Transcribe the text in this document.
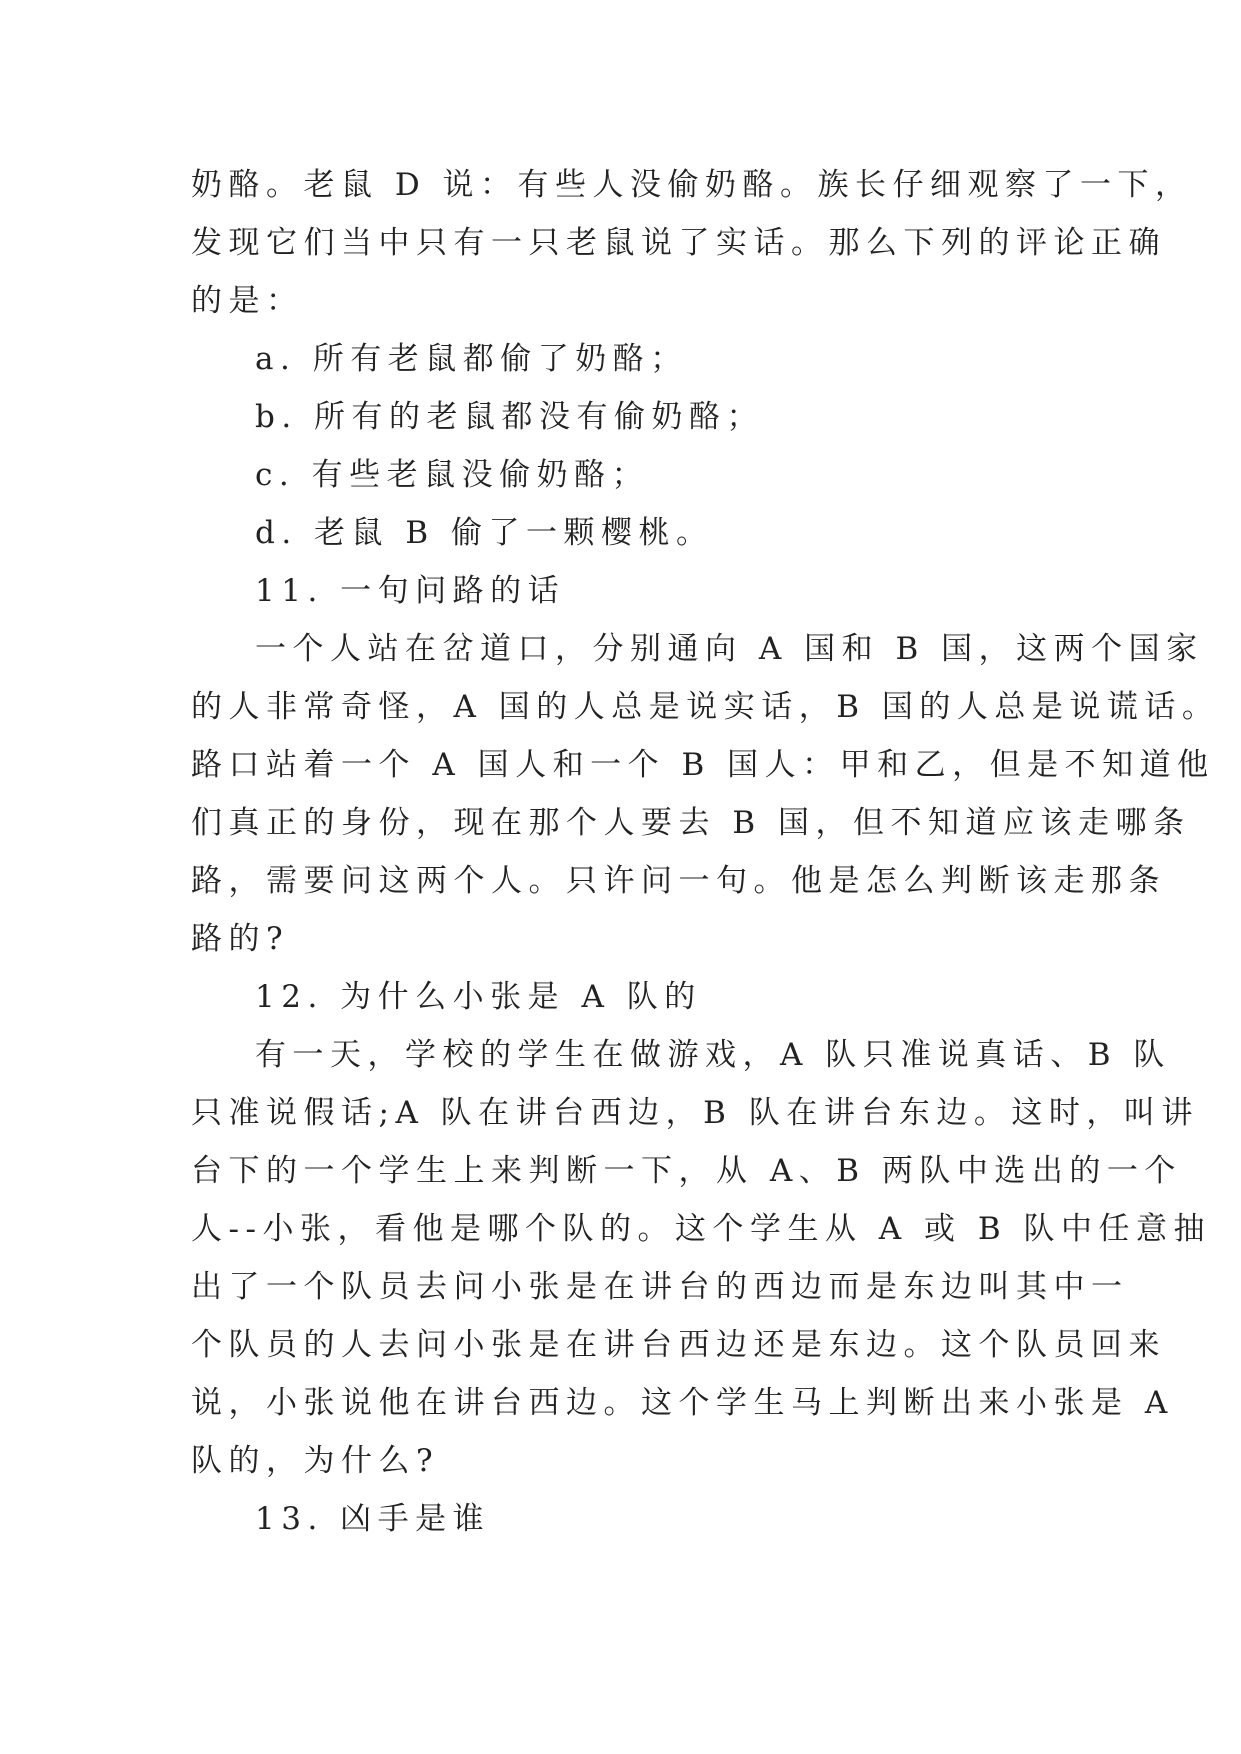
奶酪。老鼠 D 说：有些人没偷奶酪。族长仔细观察了一下，
发现它们当中只有一只老鼠说了实话。那么下列的评论正确
的是：
a. 所有老鼠都偷了奶酪；
b. 所有的老鼠都没有偷奶酪；
c. 有些老鼠没偷奶酪；
d. 老鼠 B 偷了一颗樱桃。
11. 一句问路的话
一个人站在岔道口，分别通向 A 国和 B 国，这两个国家
的人非常奇怪，A 国的人总是说实话，B 国的人总是说谎话。
路口站着一个 A 国人和一个 B 国人：甲和乙，但是不知道他
们真正的身份，现在那个人要去 B 国，但不知道应该走哪条
路，需要问这两个人。只许问一句。他是怎么判断该走那条
路的?
12. 为什么小张是 A 队的
有一天，学校的学生在做游戏，A 队只准说真话、B 队
只准说假话;A 队在讲台西边，B 队在讲台东边。这时，叫讲
台下的一个学生上来判断一下，从 A、B 两队中选出的一个
人--小张，看他是哪个队的。这个学生从 A 或 B 队中任意抽
出了一个队员去问小张是在讲台的西边而是东边叫其中一
个队员的人去问小张是在讲台西边还是东边。这个队员回来
说，小张说他在讲台西边。这个学生马上判断出来小张是 A
队的，为什么?
13. 凶手是谁
